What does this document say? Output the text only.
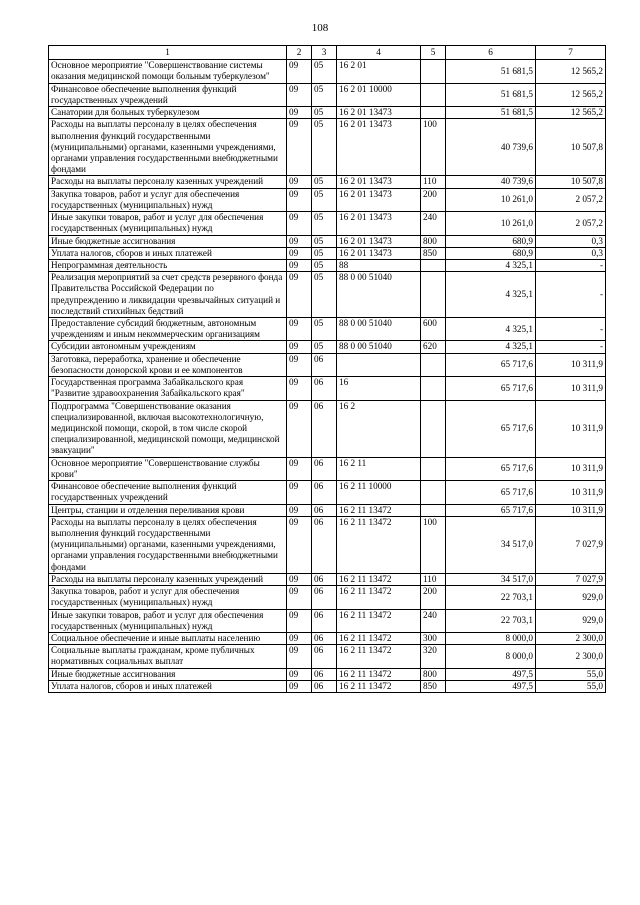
108
1	2	3	4	5	6	7
Основное мероприятие "Совершенствование системы оказания медицинской помощи больным туберкулезом"	09	05	16 2 01		51 681,5	12 565,2
Финансовое обеспечение выполнения функций государственных учреждений	09	05	16 2 01 10000		51 681,5	12 565,2
Санатории для больных туберкулезом	09	05	16 2 01 13473		51 681,5	12 565,2
Расходы на выплаты персоналу в целях обеспечения выполнения функций государственными (муниципальными) органами, казенными учреждениями, органами управления государственными внебюджетными фондами	09	05	16 2 01 13473	100	40 739,6	10 507,8
Расходы на выплаты персоналу казенных учреждений	09	05	16 2 01 13473	110	40 739,6	10 507,8
Закупка товаров, работ и услуг для обеспечения государственных (муниципальных) нужд	09	05	16 2 01 13473	200	10 261,0	2 057,2
Иные закупки товаров, работ и услуг для обеспечения государственных (муниципальных) нужд	09	05	16 2 01 13473	240	10 261,0	2 057,2
Иные бюджетные ассигнования	09	05	16 2 01 13473	800	680,9	0,3
Уплата налогов, сборов и иных платежей	09	05	16 2 01 13473	850	680,9	0,3
Непрограммная деятельность	09	05	88		4 325,1	-
Реализация мероприятий за счет средств резервного фонда Правительства Российской Федерации по предупреждению и ликвидации чрезвычайных ситуаций и последствий стихийных бедствий	09	05	88 0 00 51040		4 325,1	-
Предоставление субсидий бюджетным, автономным учреждениям и иным некоммерческим организациям	09	05	88 0 00 51040	600	4 325,1	-
Субсидии автономным учреждениям	09	05	88 0 00 51040	620	4 325,1	-
Заготовка, переработка, хранение и обеспечение безопасности донорской крови и ее компонентов	09	06			65 717,6	10 311,9
Государственная программа Забайкальского края "Развитие здравоохранения Забайкальского края"	09	06	16		65 717,6	10 311,9
Подпрограмма "Совершенствование оказания специализированной, включая высокотехнологичную, медицинской помощи, скорой, в том числе скорой специализированной, медицинской помощи, медицинской эвакуации"	09	06	16 2		65 717,6	10 311,9
Основное мероприятие "Совершенствование службы крови"	09	06	16 2 11		65 717,6	10 311,9
Финансовое обеспечение выполнения функций государственных учреждений	09	06	16 2 11 10000		65 717,6	10 311,9
Центры, станции и отделения переливания крови	09	06	16 2 11 13472		65 717,6	10 311,9
Расходы на выплаты персоналу в целях обеспечения выполнения функций государственными (муниципальными) органами, казенными учреждениями, органами управления государственными внебюджетными фондами	09	06	16 2 11 13472	100	34 517,0	7 027,9
Расходы на выплаты персоналу казенных учреждений	09	06	16 2 11 13472	110	34 517,0	7 027,9
Закупка товаров, работ и услуг для обеспечения государственных (муниципальных) нужд	09	06	16 2 11 13472	200	22 703,1	929,0
Иные закупки товаров, работ и услуг для обеспечения государственных (муниципальных) нужд	09	06	16 2 11 13472	240	22 703,1	929,0
Социальное обеспечение и иные выплаты населению	09	06	16 2 11 13472	300	8 000,0	2 300,0
Социальные выплаты гражданам, кроме публичных нормативных социальных выплат	09	06	16 2 11 13472	320	8 000,0	2 300,0
Иные бюджетные ассигнования	09	06	16 2 11 13472	800	497,5	55,0
Уплата налогов, сборов и иных платежей	09	06	16 2 11 13472	850	497,5	55,0
